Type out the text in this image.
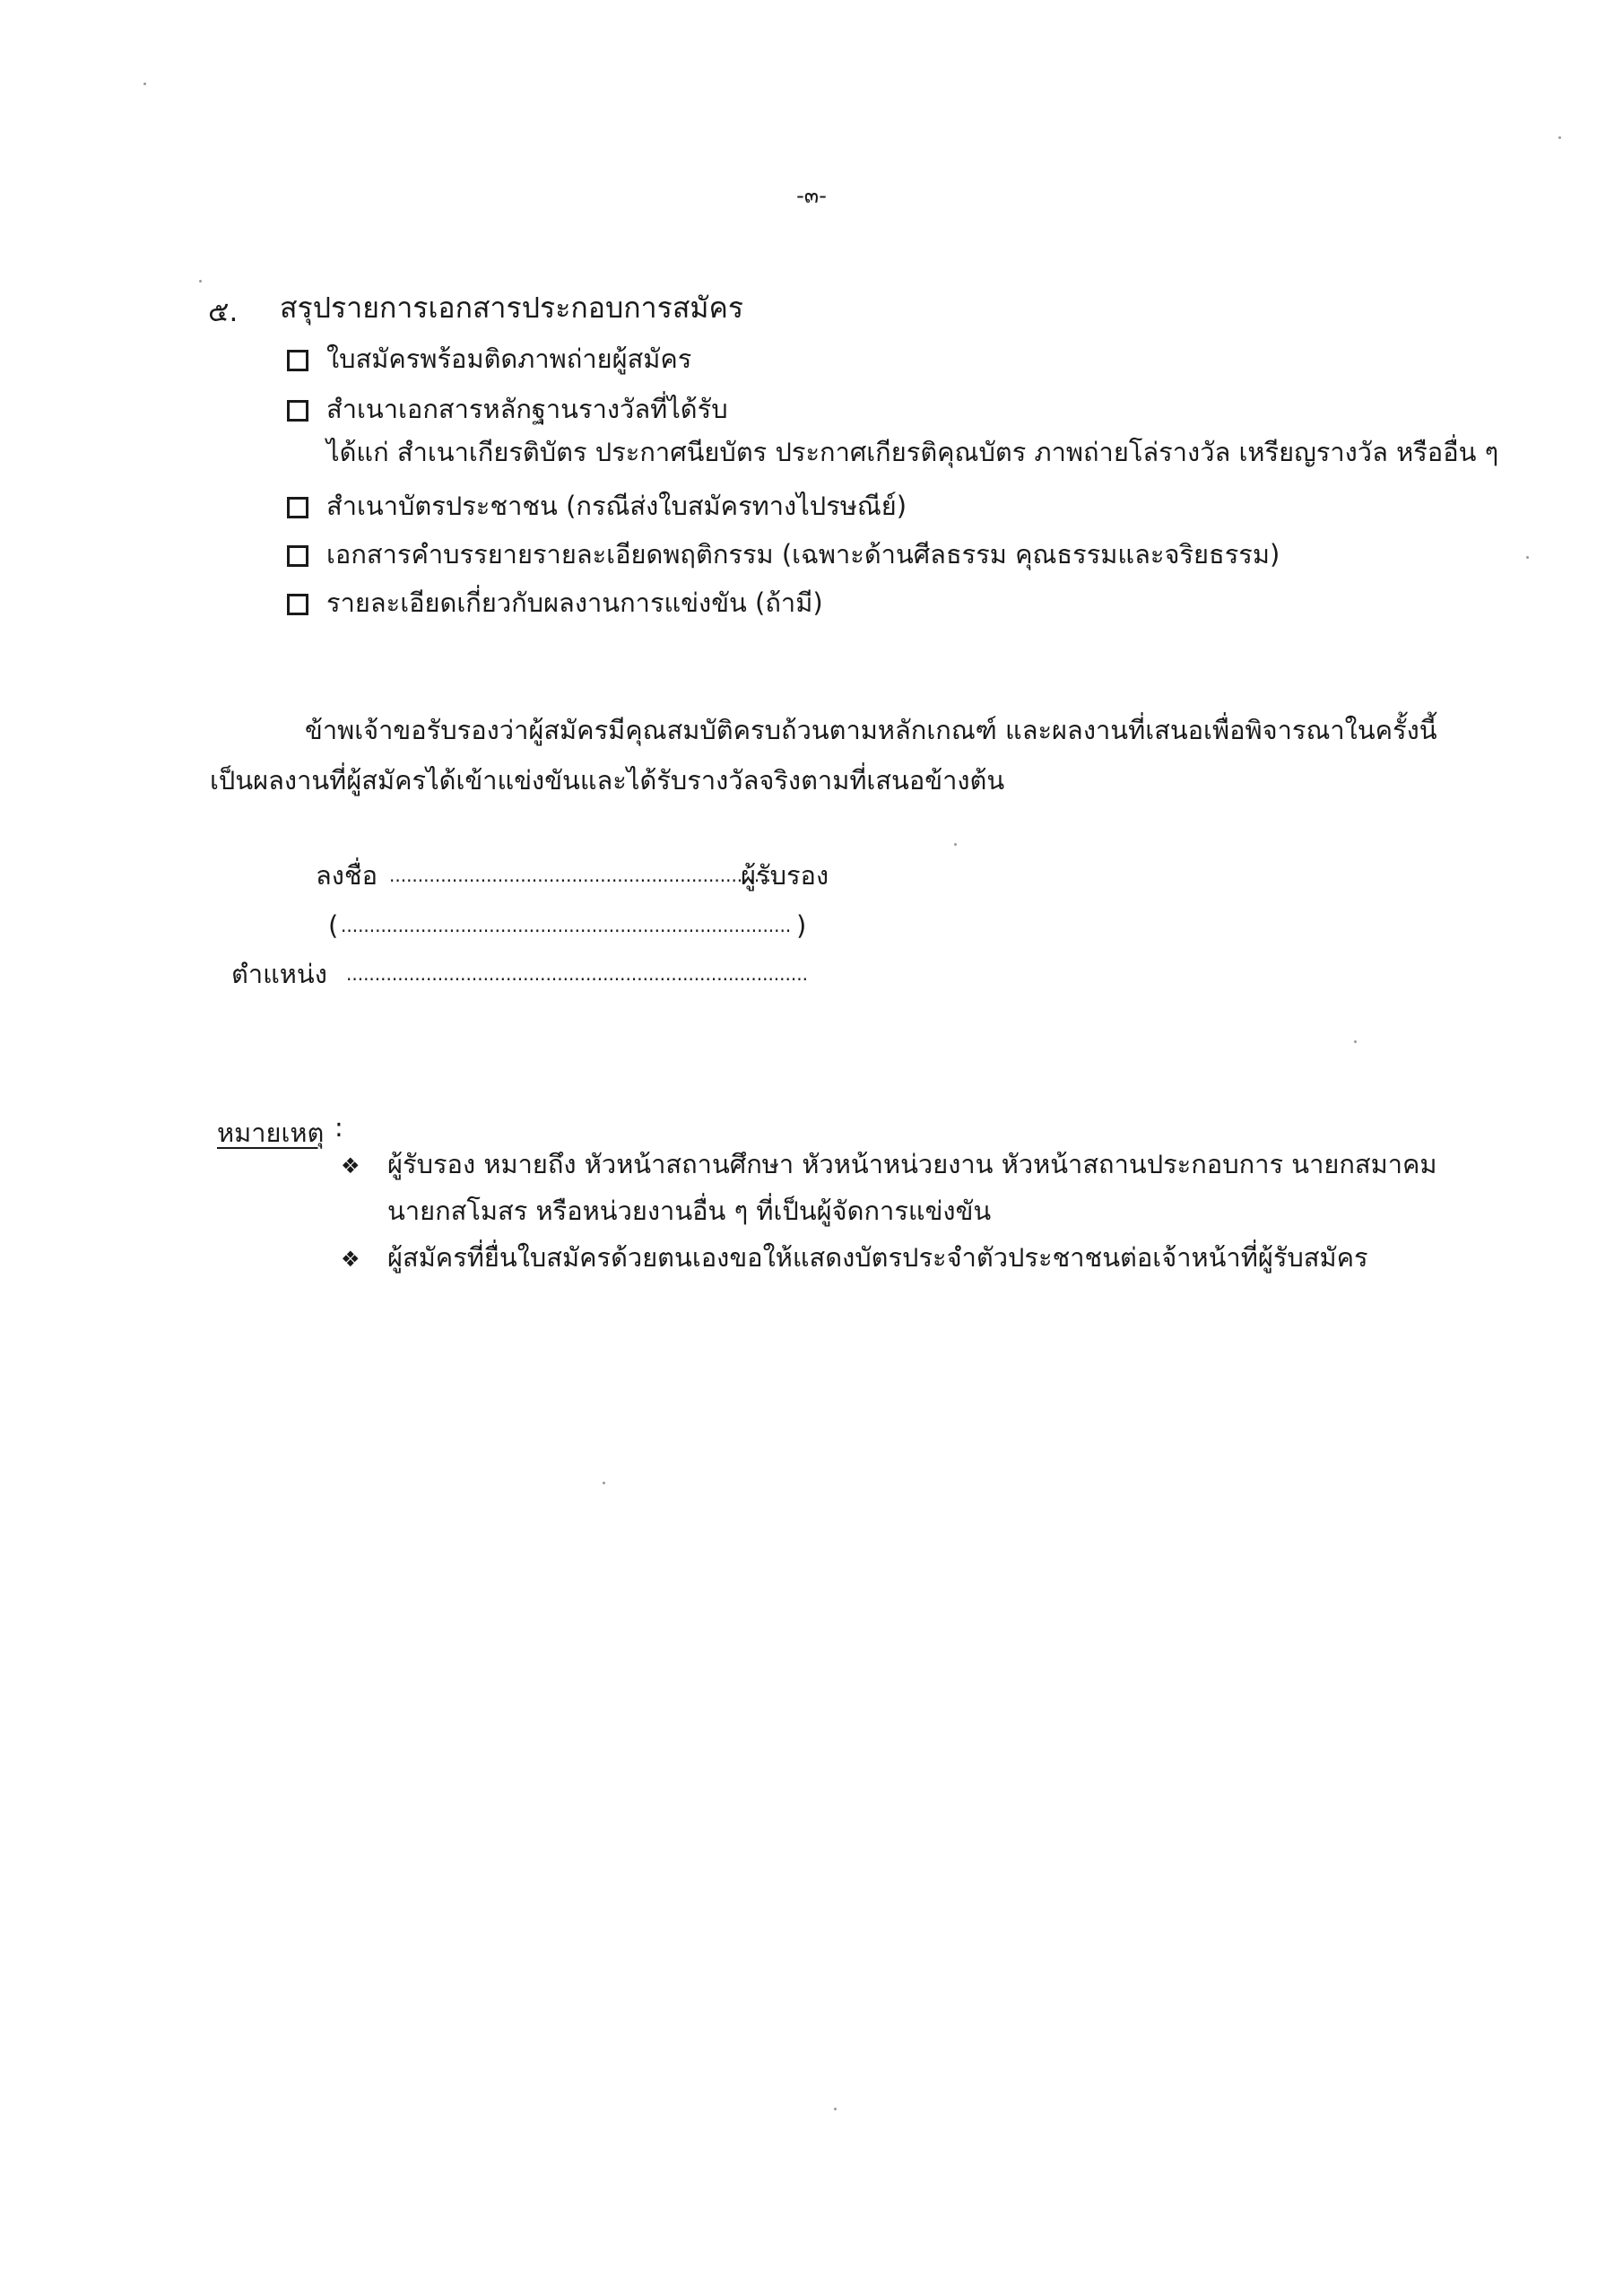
-๓-
๕. สรุปรายการเอกสารประกอบการสมัคร
ใบสมัครพร้อมติดภาพถ่ายผู้สมัคร
สำเนาเอกสารหลักฐานรางวัลที่ได้รับ
ได้แก่ สำเนาเกียรติบัตร ประกาศนียบัตร ประกาศเกียรติคุณบัตร ภาพถ่ายโล่รางวัล เหรียญรางวัล หรืออื่น ๆ
สำเนาบัตรประชาชน (กรณีส่งใบสมัครทางไปรษณีย์)
เอกสารคำบรรยายรายละเอียดพฤติกรรม (เฉพาะด้านศีลธรรม คุณธรรมและจริยธรรม)
รายละเอียดเกี่ยวกับผลงานการแข่งขัน (ถ้ามี)
ข้าพเจ้าขอรับรองว่าผู้สมัครมีคุณสมบัติครบถ้วนตามหลักเกณฑ์ และผลงานที่เสนอเพื่อพิจารณาในครั้งนี้
เป็นผลงานที่ผู้สมัครได้เข้าแข่งขันและได้รับรางวัลจริงตามที่เสนอข้างต้น
ลงชื่อ ....................................................................
ผู้รับรอง
( ............................................................................... )
ตำแหน่ง .................................................................................
หมายเหตุ :
❖ ผู้รับรอง หมายถึง หัวหน้าสถานศึกษา หัวหน้าหน่วยงาน หัวหน้าสถานประกอบการ นายกสมาคม
นายกสโมสร หรือหน่วยงานอื่น ๆ ที่เป็นผู้จัดการแข่งขัน
❖ ผู้สมัครที่ยื่นใบสมัครด้วยตนเองขอให้แสดงบัตรประจำตัวประชาชนต่อเจ้าหน้าที่ผู้รับสมัคร
